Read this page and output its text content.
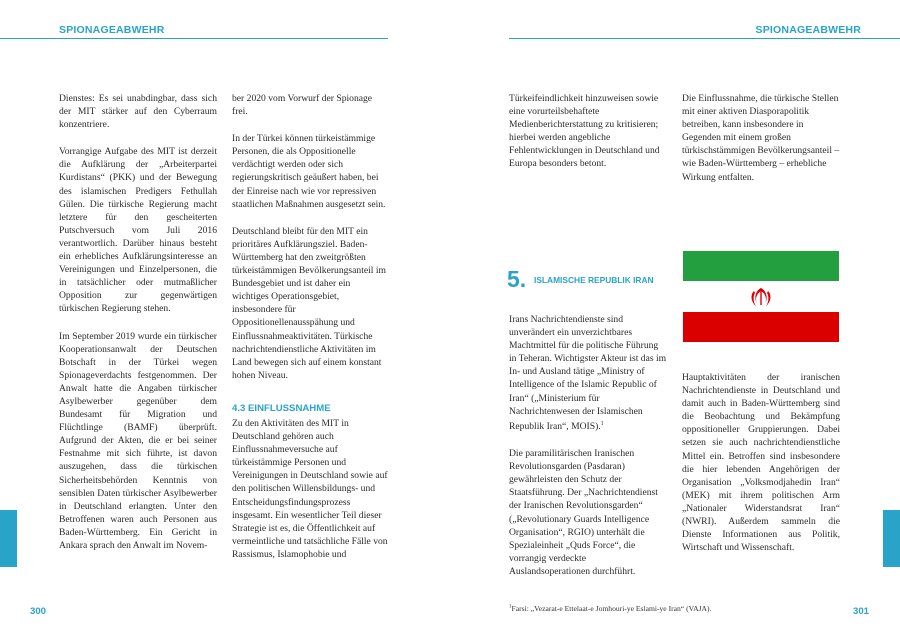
SPIONAGEABWEHR	SPIONAGEABWEHR

Dienstes: Es sei unabdingbar, dass sich der MIT stärker auf den Cyberraum konzentriere.

Vorrangige Aufgabe des MIT ist derzeit die Aufklärung der „Arbeiterpartei Kurdistans“ (PKK) und der Bewegung des islamischen Predigers Fethullah Gülen. Die türkische Regierung macht letztere für den gescheiterten Putschversuch vom Juli 2016 verantwortlich. Darüber hinaus besteht ein erhebliches Aufklärungsinteresse an Vereinigungen und Einzelpersonen, die in tatsächlicher oder mutmaßlicher Opposition zur gegenwärtigen türkischen Regierung stehen.

Im September 2019 wurde ein türkischer Kooperationsanwalt der Deutschen Botschaft in der Türkei wegen Spionageverdachts festgenommen. Der Anwalt hatte die Angaben türkischer Asylbewerber gegenüber dem Bundesamt für Migration und Flüchtlinge (BAMF) überprüft. Aufgrund der Akten, die er bei seiner Festnahme mit sich führte, ist davon auszugehen, dass die türkischen Sicherheitsbehörden Kenntnis von sensiblen Daten türkischer Asylbewerber in Deutschland erlangten. Unter den Betroffenen waren auch Personen aus Baden-Württemberg. Ein Gericht in Ankara sprach den Anwalt im Novem-

ber 2020 vom Vorwurf der Spionage frei.

In der Türkei können türkeistämmige Personen, die als Oppositionelle verdächtigt werden oder sich regierungskritisch geäußert haben, bei der Einreise nach wie vor repressiven staatlichen Maßnahmen ausgesetzt sein.

Deutschland bleibt für den MIT ein prioritäres Aufklärungsziel. Baden-Württemberg hat den zweitgrößten türkeistämmigen Bevölkerungsanteil im Bundesgebiet und ist daher ein wichtiges Operationsgebiet, insbesondere für Oppositionellenausspähung und Einflussnahmeaktivitäten. Türkische nachrichtendienstliche Aktivitäten im Land bewegen sich auf einem konstant hohen Niveau.

4.3 EINFLUSSNAHME

Zu den Aktivitäten des MIT in Deutschland gehören auch Einflussnahmeversuche auf türkeistämmige Personen und Vereinigungen in Deutschland sowie auf den politischen Willensbildungs- und Entscheidungsfindungsprozess insgesamt. Ein wesentlicher Teil dieser Strategie ist es, die Öffentlichkeit auf vermeintliche und tatsächliche Fälle von Rassismus, Islamophobie und

Türkeifeindlichkeit hinzuweisen sowie eine vorurteilsbehaftete Medienberichterstattung zu kritisieren; hierbei werden angebliche Fehlentwicklungen in Deutschland und Europa besonders betont.

5.
ISLAMISCHE REPUBLIK IRAN

Irans Nachrichtendienste sind unverändert ein unverzichtbares Machtmittel für die politische Führung in Teheran. Wichtigster Akteur ist das im In- und Ausland tätige „Ministry of Intelligence of the Islamic Republic of Iran“ („Ministerium für Nachrichtenwesen der Islamischen Republik Iran“, MOIS).$^1$

Die paramilitärischen Iranischen Revolutionsgarden (Pasdaran) gewährleisten den Schutz der Staatsführung. Der „Nachrichtendienst der Iranischen Revolutionsgarden“ („Revolutionary Guards Intelligence Organisation“, RGIO) unterhält die Spezialeinheit „Quds Force“, die vorrangig verdeckte Auslandsoperationen durchführt.

Die Einflussnahme, die türkische Stellen mit einer aktiven Diasporapolitik betreiben, kann insbesondere in Gegenden mit einem großen türkischstämmigen Bevölkerungsanteil – wie Baden-Württemberg – erhebliche Wirkung entfalten.

Hauptaktivitäten der iranischen Nachrichtendienste in Deutschland und damit auch in Baden-Württemberg sind die Beobachtung und Bekämpfung oppositioneller Gruppierungen. Dabei setzen sie auch nachrichtendienstliche Mittel ein. Betroffen sind insbesondere die hier lebenden Angehörigen der Organisation „Volksmodjahedin Iran“ (MEK) mit ihrem politischen Arm „Nationaler Widerstandsrat Iran“ (NWRI). Außerdem sammeln die Dienste Informationen aus Politik, Wirtschaft und Wissenschaft.

300	301
$^1$Farsi: „Vezarat-e Ettelaat-e Jomhouri-ye Eslami-ye Iran“ (VAJA).
